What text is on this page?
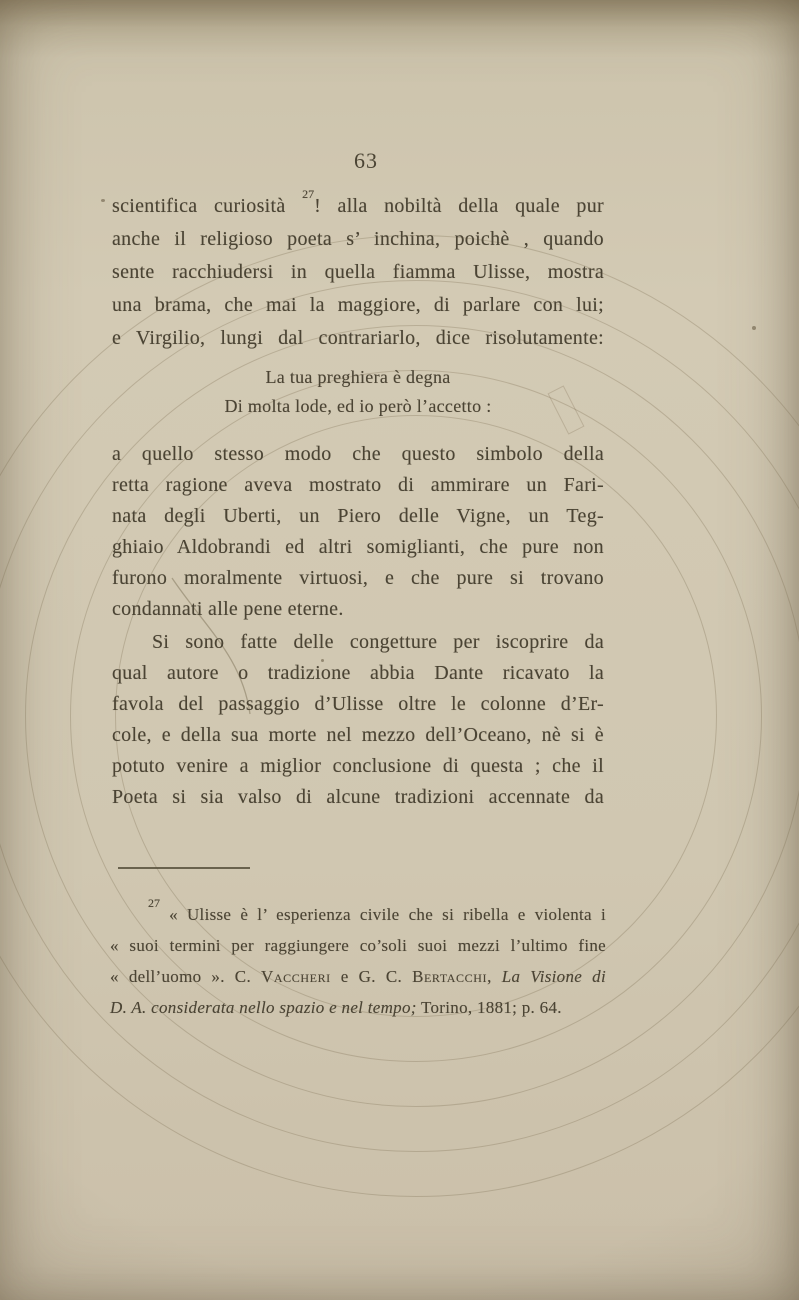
63
scientifica curiosità $^{27}$! alla nobiltà della quale pur
anche il religioso poeta s’ inchina, poichè , quando
sente racchiudersi in quella fiamma Ulisse, mostra
una brama, che mai la maggiore, di parlare con lui;
e Virgilio, lungi dal contrariarlo, dice risolutamente:
La tua preghiera è degna
Di molta lode, ed io però l’accetto :
a quello stesso modo che questo simbolo della
retta ragione aveva mostrato di ammirare un Fari-
nata degli Uberti, un Piero delle Vigne, un Teg-
ghiaio Aldobrandi ed altri somiglianti, che pure non
furono moralmente virtuosi, e che pure si trovano
condannati alle pene eterne.
Si sono fatte delle congetture per iscoprire da
qual autore o tradizione abbia Dante ricavato la
favola del passaggio d’Ulisse oltre le colonne d’Er-
cole, e della sua morte nel mezzo dell’Oceano, nè si è
potuto venire a miglior conclusione di questa ; che il
Poeta si sia valso di alcune tradizioni accennate da
$^{27}$ « Ulisse è l’ esperienza civile che si ribella e violenta i
« suoi termini per raggiungere co’soli suoi mezzi l’ultimo fine
« dell’uomo ». C. Vaccheri e G. C. Bertacchi, La Visione di
D. A. considerata nello spazio e nel tempo; Torino, 1881; p. 64.
